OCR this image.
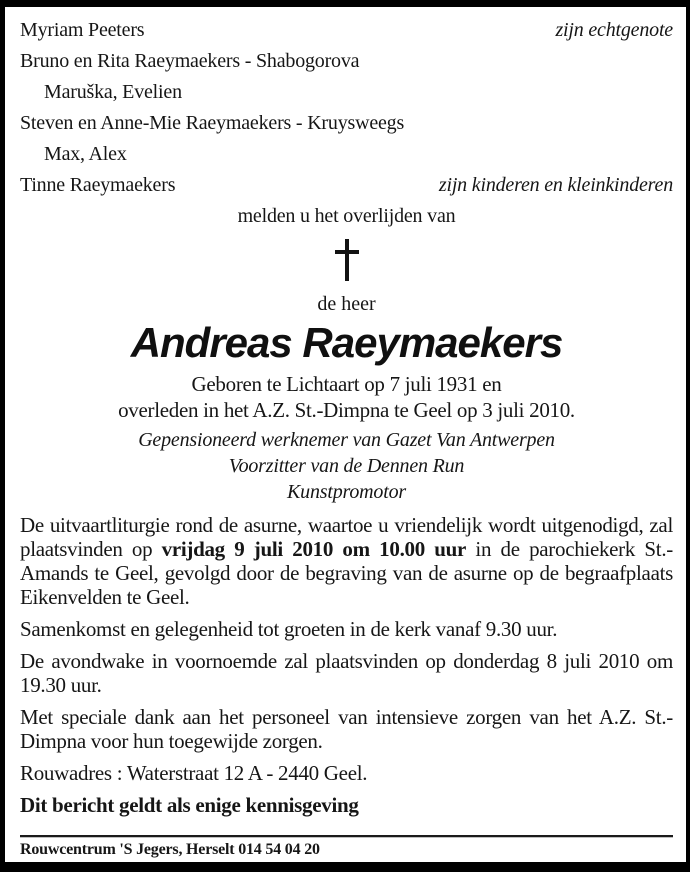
Myriam Peeters	zijn echtgenote
Bruno en Rita Raeymaekers - Shabogorova
Maruška, Evelien
Steven en Anne-Mie Raeymaekers - Kruysweegs
Max, Alex
Tinne Raeymaekers	zijn kinderen en kleinkinderen
melden u het overlijden van
de heer
Andreas Raeymaekers
Geboren te Lichtaart op 7 juli 1931 en
overleden in het A.Z. St.-Dimpna te Geel op 3 juli 2010.
Gepensioneerd werknemer van Gazet Van Antwerpen
Voorzitter van de Dennen Run
Kunstpromotor

De uitvaartliturgie rond de asurne, waartoe u vriendelijk wordt uitgenodigd, zal plaatsvinden op vrijdag 9 juli 2010 om 10.00 uur in de parochiekerk St.-Amands te Geel, gevolgd door de begraving van de asurne op de begraafplaats Eikenvelden te Geel.

Samenkomst en gelegenheid tot groeten in de kerk vanaf 9.30 uur.

De avondwake in voornoemde zal plaatsvinden op donderdag 8 juli 2010 om 19.30 uur.

Met speciale dank aan het personeel van intensieve zorgen van het A.Z. St.-Dimpna voor hun toegewijde zorgen.

Rouwadres : Waterstraat 12 A - 2440 Geel.

Dit bericht geldt als enige kennisgeving

Rouwcentrum 'S Jegers, Herselt 014 54 04 20
